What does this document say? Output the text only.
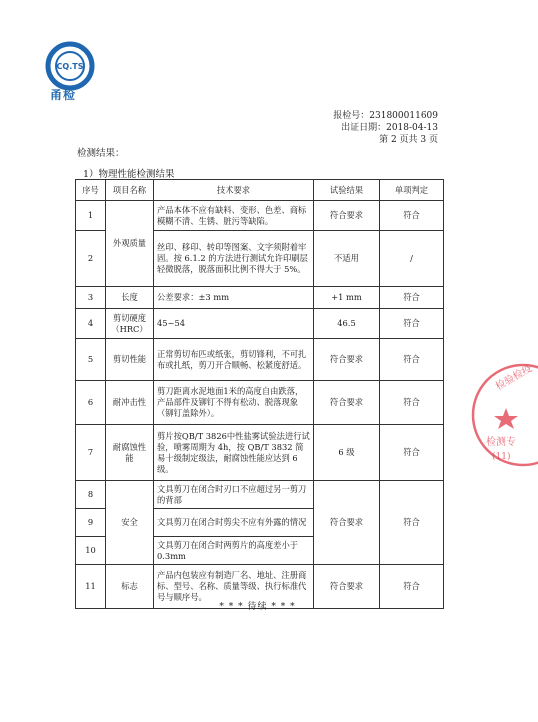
CQ.TS
甬检
报检号：231800011609
出证日期：2018-04-13
第 2 页共 3 页
检测结果：
1）物理性能检测结果
序号	项目名称	技术要求	试验结果	单项判定
1	外观质量	产品本体不应有缺料、变形、色差、商标模糊不清、生锈、脏污等缺陷。	符合要求	符合
2		丝印、移印、转印等图案、文字须附着牢固。按 6.1.2 的方法进行测试允许印刷层轻微脱落，脱落面积比例不得大于 5%。	不适用	/
3	长度	公差要求：±3 mm	+1 mm	符合
4	剪切硬度（HRC）	45~54	46.5	符合
5	剪切性能	正常剪切布匹或纸张，剪切锋利，不可扎布或扎纸，剪刀开合顺畅、松紧度舒适。	符合要求	符合
6	耐冲击性	剪刀距离水泥地面1米的高度自由跌落，产品部件及铆钉不得有松动、脱落现象（铆钉盖除外）。	符合要求	符合
7	耐腐蚀性能	剪片按QB/T 3826中性盐雾试验法进行试验，喷雾周期为 4h，按 QB/T 3832 简易十级制定级法，耐腐蚀性能应达到 6 级。	6 级	符合
8	安全	文具剪刀在闭合时刃口不应超过另一剪刀的背部	符合要求	符合
9		文具剪刀在闭合时剪尖不应有外露的情况		
10		文具剪刀在闭合时两剪片的高度差小于 0.3mm		
11	标志	产品内包装应有制造厂名、地址、注册商标、型号、名称、质量等级、执行标准代号与顺序号。	符合要求	符合
* * * 待续 * * *
检验检疫
检测专
(11)
